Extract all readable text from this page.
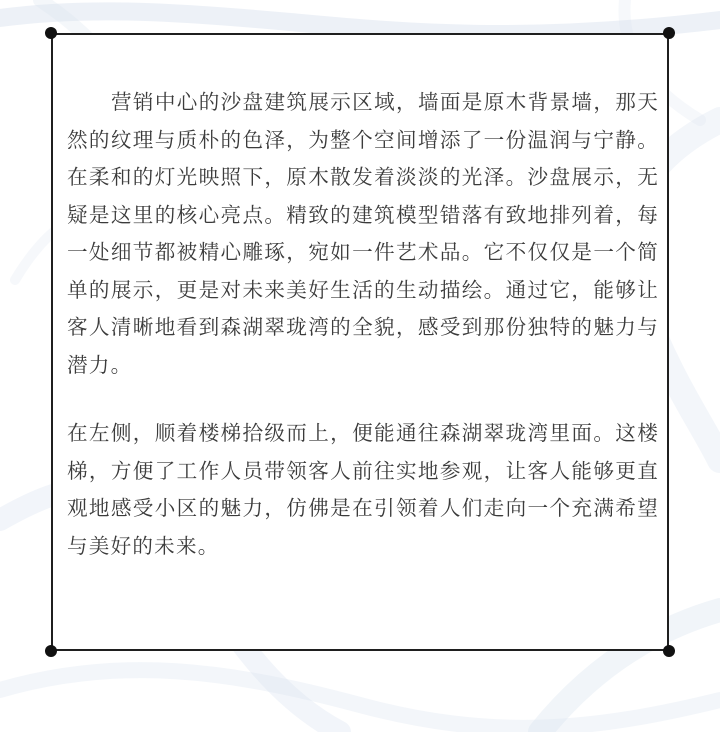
营销中心的沙盘建筑展示区域，墙面是原木背景墙，那天然的纹理与质朴的色泽，为整个空间增添了一份温润与宁静。在柔和的灯光映照下，原木散发着淡淡的光泽。沙盘展示，无疑是这里的核心亮点。精致的建筑模型错落有致地排列着，每一处细节都被精心雕琢，宛如一件艺术品。它不仅仅是一个简单的展示，更是对未来美好生活的生动描绘。通过它，能够让客人清晰地看到森湖翠珑湾的全貌，感受到那份独特的魅力与潜力。

在左侧，顺着楼梯拾级而上，便能通往森湖翠珑湾里面。这楼梯，方便了工作人员带领客人前往实地参观，让客人能够更直观地感受小区的魅力，仿佛是在引领着人们走向一个充满希望与美好的未来。
